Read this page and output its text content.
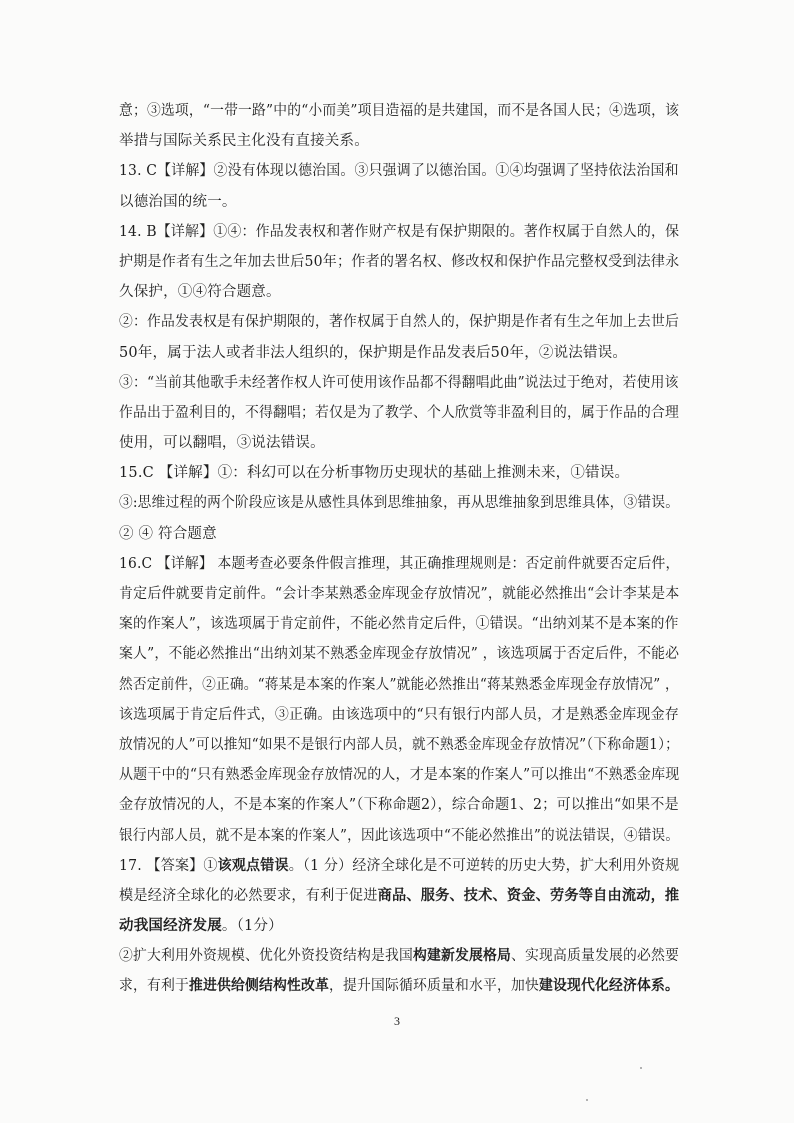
意；③选项，“一带一路”中的“小而美”项目造福的是共建国，而不是各国人民；④选项，该
举措与国际关系民主化没有直接关系。
13. C【详解】②没有体现以德治国。③只强调了以德治国。①④均强调了坚持依法治国和
以德治国的统一。
14. B【详解】①④：作品发表权和著作财产权是有保护期限的。著作权属于自然人的，保
护期是作者有生之年加去世后50年；作者的署名权、修改权和保护作品完整权受到法律永
久保护，①④符合题意。
②：作品发表权是有保护期限的，著作权属于自然人的，保护期是作者有生之年加上去世后
50年，属于法人或者非法人组织的，保护期是作品发表后50年，②说法错误。
③：“当前其他歌手未经著作权人许可使用该作品都不得翻唱此曲”说法过于绝对，若使用该
作品出于盈利目的，不得翻唱；若仅是为了教学、个人欣赏等非盈利目的，属于作品的合理
使用，可以翻唱，③说法错误。
15.C 【详解】①：科幻可以在分析事物历史现状的基础上推测未来，①错误。
③:思维过程的两个阶段应该是从感性具体到思维抽象，再从思维抽象到思维具体，③错误。
② ④ 符合题意
16.C 【详解】 本题考查必要条件假言推理，其正确推理规则是：否定前件就要否定后件，
肯定后件就要肯定前件。“会计李某熟悉金库现金存放情况”，就能必然推出“会计李某是本
案的作案人”，该选项属于肯定前件，不能必然肯定后件，①错误。“出纳刘某不是本案的作
案人”，不能必然推出“出纳刘某不熟悉金库现金存放情况” ，该选项属于否定后件，不能必
然否定前件，②正确。“蒋某是本案的作案人”就能必然推出“蒋某熟悉金库现金存放情况” ，
该选项属于肯定后件式，③正确。由该选项中的“只有银行内部人员，才是熟悉金库现金存
放情况的人”可以推知“如果不是银行内部人员，就不熟悉金库现金存放情况”（下称命题1）；
从题干中的“只有熟悉金库现金存放情况的人，才是本案的作案人”可以推出“不熟悉金库现
金存放情况的人，不是本案的作案人”（下称命题2），综合命题1、2；可以推出“如果不是
银行内部人员，就不是本案的作案人”，因此该选项中“不能必然推出”的说法错误，④错误。
17. 【答案】①该观点错误。（1 分）经济全球化是不可逆转的历史大势，扩大利用外资规
模是经济全球化的必然要求，有利于促进商品、服务、技术、资金、劳务等自由流动，推
动我国经济发展。（1分）
②扩大利用外资规模、优化外资投资结构是我国构建新发展格局、实现高质量发展的必然要
求，有利于推进供给侧结构性改革，提升国际循环质量和水平，加快建设现代化经济体系。
3
